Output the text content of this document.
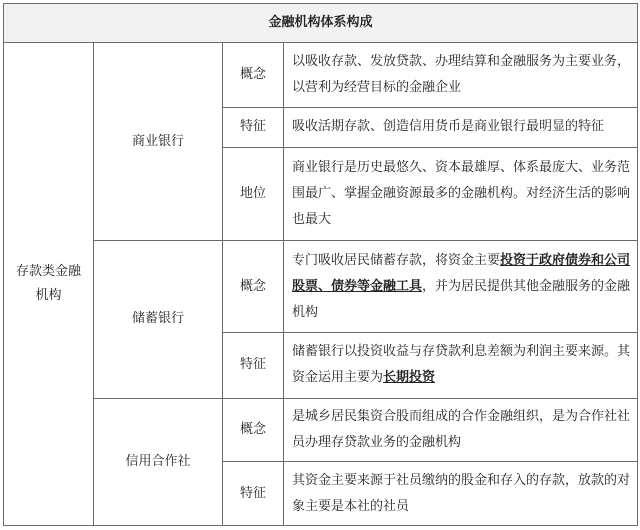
金融机构体系构成			
存款类金融机构	商业银行	概念	以吸收存款、发放贷款、办理结算和金融服务为主要业务，以营利为经营目标的金融企业
		特征	吸收活期存款、创造信用货币是商业银行最明显的特征
		地位	商业银行是历史最悠久、资本最雄厚、体系最庞大、业务范围最广、掌握金融资源最多的金融机构。对经济生活的影响也最大
	储蓄银行	概念	专门吸收居民储蓄存款，将资金主要投资于政府债券和公司股票、债券等金融工具，并为居民提供其他金融服务的金融机构
		特征	储蓄银行以投资收益与存贷款利息差额为利润主要来源。其资金运用主要为长期投资
	信用合作社	概念	是城乡居民集资合股而组成的合作金融组织，是为合作社社员办理存贷款业务的金融机构
		特征	其资金主要来源于社员缴纳的股金和存入的存款，放款的对象主要是本社的社员
